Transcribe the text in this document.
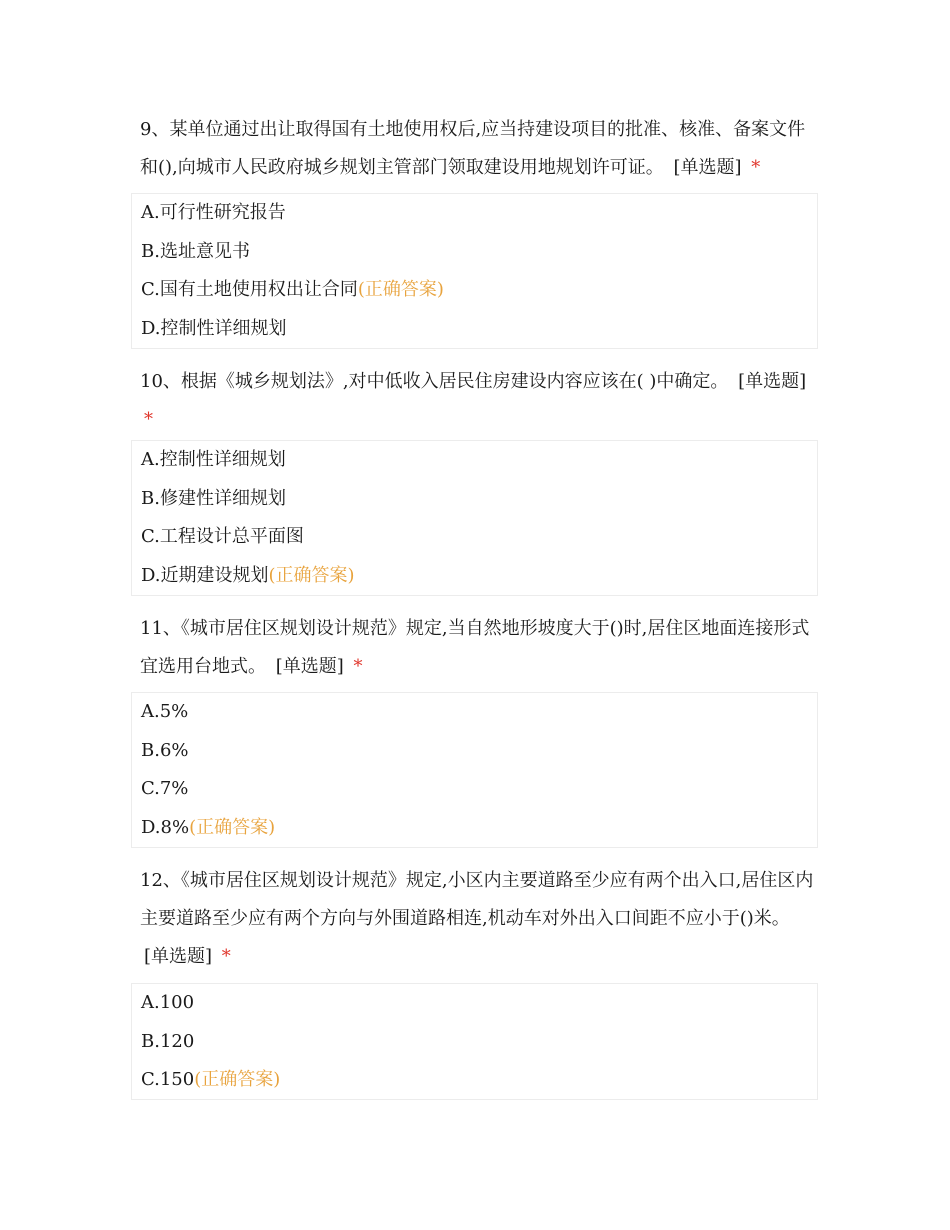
9、某单位通过出让取得国有土地使用权后,应当持建设项目的批准、核准、备案文件和(),向城市人民政府城乡规划主管部门领取建设用地规划许可证。 [单选题] *
A.可行性研究报告
B.选址意见书
C.国有土地使用权出让合同(正确答案)
D.控制性详细规划
10、根据《城乡规划法》,对中低收入居民住房建设内容应该在( )中确定。 [单选题] *
A.控制性详细规划
B.修建性详细规划
C.工程设计总平面图
D.近期建设规划(正确答案)
11、《城市居住区规划设计规范》规定,当自然地形坡度大于()时,居住区地面连接形式宜选用台地式。 [单选题] *
A.5%
B.6%
C.7%
D.8%(正确答案)
12、《城市居住区规划设计规范》规定,小区内主要道路至少应有两个出入口,居住区内主要道路至少应有两个方向与外围道路相连,机动车对外出入口间距不应小于()米。 [单选题] *
A.100
B.120
C.150(正确答案)
